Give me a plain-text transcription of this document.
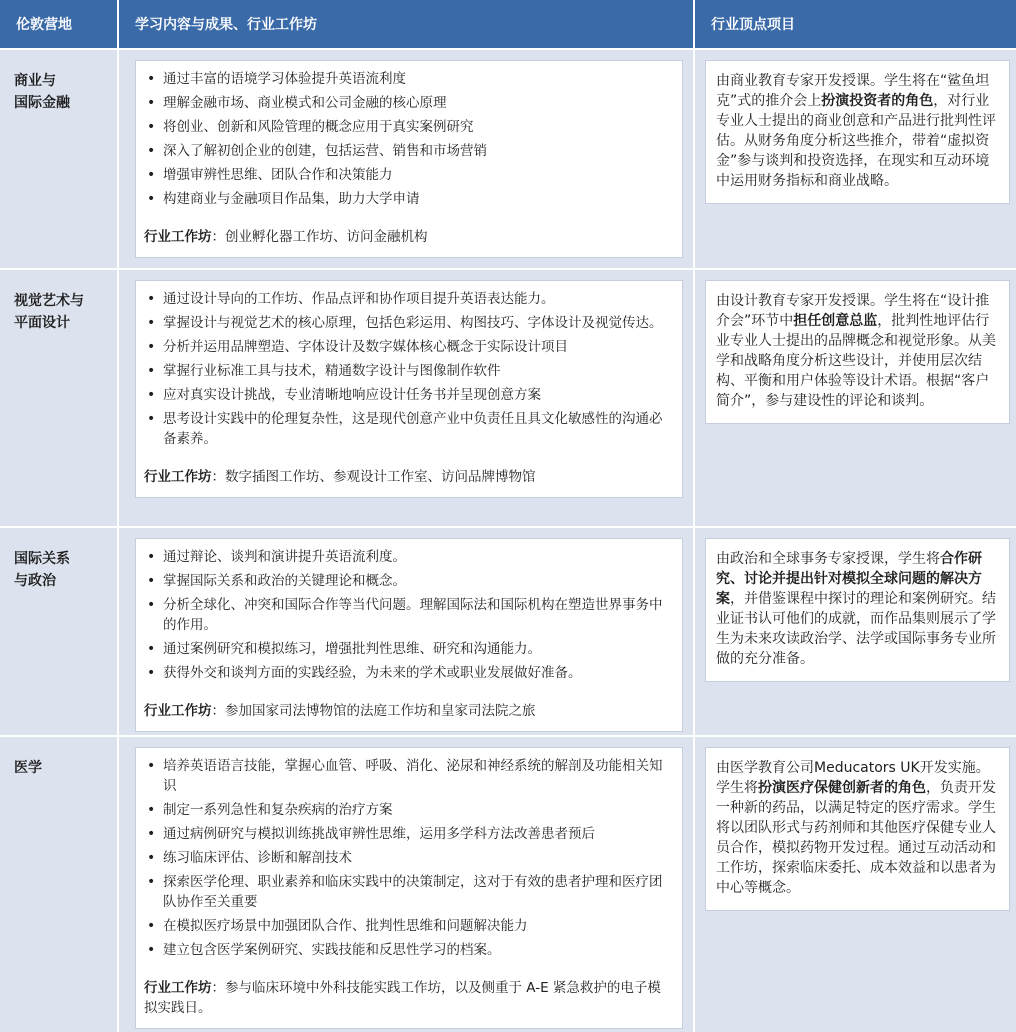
伦敦营地	学习内容与成果、行业工作坊	行业顶点项目
商业与
国际金融
• 通过丰富的语境学习体验提升英语流利度
• 理解金融市场、商业模式和公司金融的核心原理
• 将创业、创新和风险管理的概念应用于真实案例研究
• 深入了解初创企业的创建，包括运营、销售和市场营销
• 增强审辨性思维、团队合作和决策能力
• 构建商业与金融项目作品集，助力大学申请
行业工作坊：创业孵化器工作坊、访问金融机构

由商业教育专家开发授课。学生将在“鲨鱼坦克”式的推介会上扮演投资者的角色，对行业专业人士提出的商业创意和产品进行批判性评估。从财务角度分析这些推介，带着“虚拟资金”参与谈判和投资选择，在现实和互动环境中运用财务指标和商业战略。

视觉艺术与
平面设计
• 通过设计导向的工作坊、作品点评和协作项目提升英语表达能力。
• 掌握设计与视觉艺术的核心原理，包括色彩运用、构图技巧、字体设计及视觉传达。
• 分析并运用品牌塑造、字体设计及数字媒体核心概念于实际设计项目
• 掌握行业标准工具与技术，精通数字设计与图像制作软件
• 应对真实设计挑战，专业清晰地响应设计任务书并呈现创意方案
• 思考设计实践中的伦理复杂性，这是现代创意产业中负责任且具文化敏感性的沟通必备素养。
行业工作坊：数字插图工作坊、参观设计工作室、访问品牌博物馆

由设计教育专家开发授课。学生将在“设计推介会”环节中担任创意总监，批判性地评估行业专业人士提出的品牌概念和视觉形象。从美学和战略角度分析这些设计，并使用层次结构、平衡和用户体验等设计术语。根据“客户简介”，参与建设性的评论和谈判。

国际关系
与政治
• 通过辩论、谈判和演讲提升英语流利度。
• 掌握国际关系和政治的关键理论和概念。
• 分析全球化、冲突和国际合作等当代问题。理解国际法和国际机构在塑造世界事务中的作用。
• 通过案例研究和模拟练习，增强批判性思维、研究和沟通能力。
• 获得外交和谈判方面的实践经验，为未来的学术或职业发展做好准备。
行业工作坊：参加国家司法博物馆的法庭工作坊和皇家司法院之旅

由政治和全球事务专家授课，学生将合作研究、讨论并提出针对模拟全球问题的解决方案，并借鉴课程中探讨的理论和案例研究。结业证书认可他们的成就，而作品集则展示了学生为未来攻读政治学、法学或国际事务专业所做的充分准备。

医学
•	培养英语语言技能，掌握心血管、呼吸、消化、泌尿和神经系统的解剖及功能相关知识
• 制定一系列急性和复杂疾病的治疗方案
• 通过病例研究与模拟训练挑战审辨性思维，运用多学科方法改善患者预后
• 练习临床评估、诊断和解剖技术
• 探索医学伦理、职业素养和临床实践中的决策制定，这对于有效的患者护理和医疗团队协作至关重要
• 在模拟医疗场景中加强团队合作、批判性思维和问题解决能力
• 建立包含医学案例研究、实践技能和反思性学习的档案。
行业工作坊：参与临床环境中外科技能实践工作坊，以及侧重于 A-E 紧急救护的电子模拟实践日。

由医学教育公司Meducators UK开发实施。学生将扮演医疗保健创新者的角色，负责开发一种新的药品，以满足特定的医疗需求。学生将以团队形式与药剂师和其他医疗保健专业人员合作，模拟药物开发过程。通过互动活动和工作坊，探索临床委托、成本效益和以患者为中心等概念。
